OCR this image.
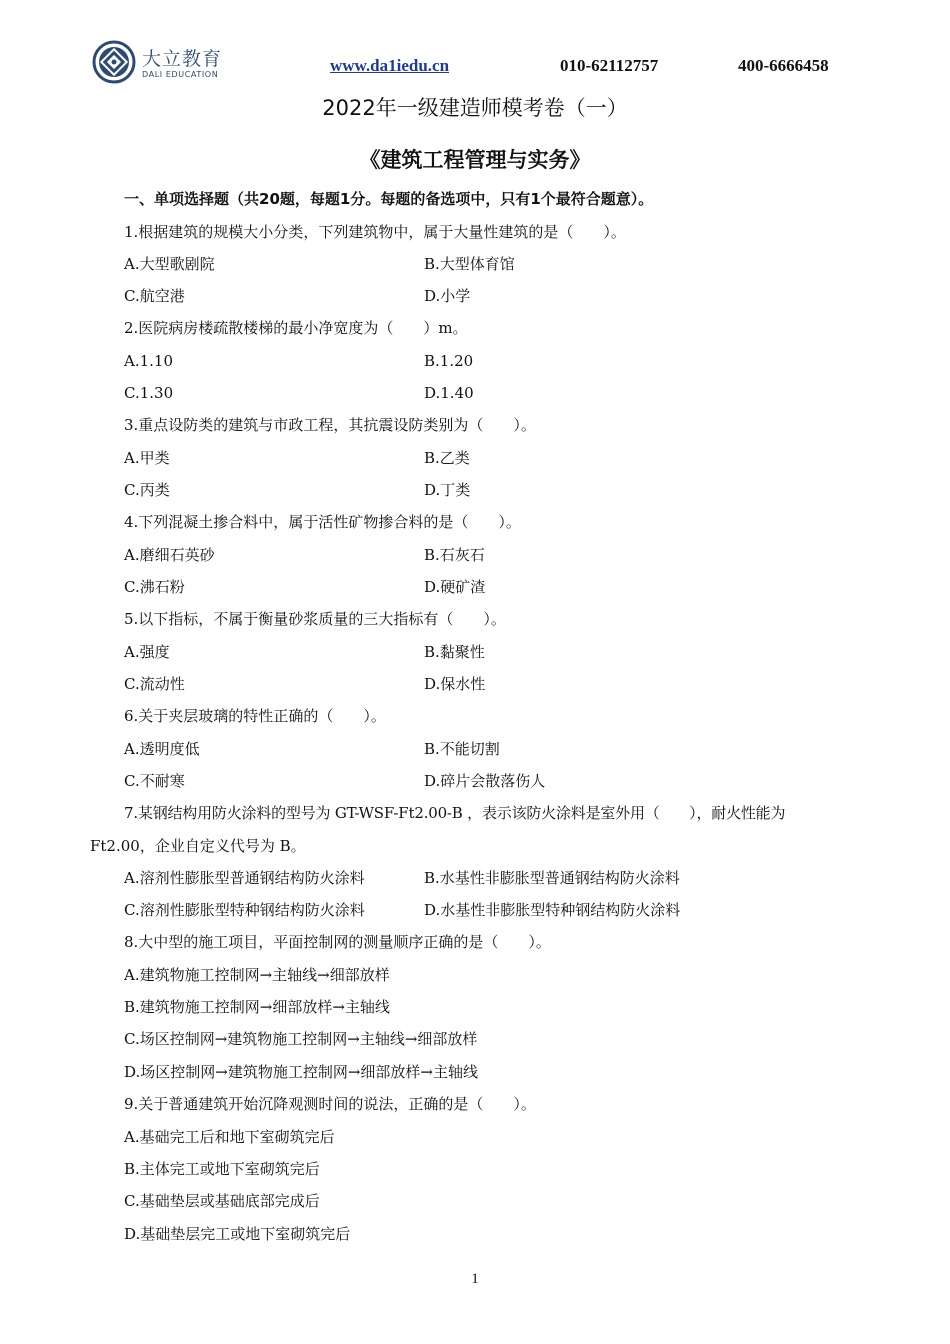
大立教育
DALI EDUCATION	www.da1iedu.cn	010-62112757	400-6666458
2022年一级建造师模考卷（一）
《建筑工程管理与实务》
一、单项选择题（共20题，每题1分。每题的备选项中，只有1个最符合题意）。
1.根据建筑的规模大小分类，下列建筑物中，属于大量性建筑的是（　　）。
A.大型歌剧院	B.大型体育馆
C.航空港	D.小学
2.医院病房楼疏散楼梯的最小净宽度为（　　）m。
A.1.10	B.1.20
C.1.30	D.1.40
3.重点设防类的建筑与市政工程，其抗震设防类别为（　　）。
A.甲类	B.乙类
C.丙类	D.丁类
4.下列混凝土掺合料中，属于活性矿物掺合料的是（　　）。
A.磨细石英砂	B.石灰石
C.沸石粉	D.硬矿渣
5.以下指标，不属于衡量砂浆质量的三大指标有（　　）。
A.强度	B.黏聚性
C.流动性	D.保水性
6.关于夹层玻璃的特性正确的（　　）。
A.透明度低	B.不能切割
C.不耐寒	D.碎片会散落伤人
7.某钢结构用防火涂料的型号为 GT-WSF-Ft2.00-B ，表示该防火涂料是室外用（　　），耐火性能为
Ft2.00，企业自定义代号为 B。
A.溶剂性膨胀型普通钢结构防火涂料	B.水基性非膨胀型普通钢结构防火涂料
C.溶剂性膨胀型特种钢结构防火涂料	D.水基性非膨胀型特种钢结构防火涂料
8.大中型的施工项目，平面控制网的测量顺序正确的是（　　）。
A.建筑物施工控制网→主轴线→细部放样
B.建筑物施工控制网→细部放样→主轴线
C.场区控制网→建筑物施工控制网→主轴线→细部放样
D.场区控制网→建筑物施工控制网→细部放样→主轴线
9.关于普通建筑开始沉降观测时间的说法，正确的是（　　）。
A.基础完工后和地下室砌筑完后
B.主体完工或地下室砌筑完后
C.基础垫层或基础底部完成后
D.基础垫层完工或地下室砌筑完后
1
